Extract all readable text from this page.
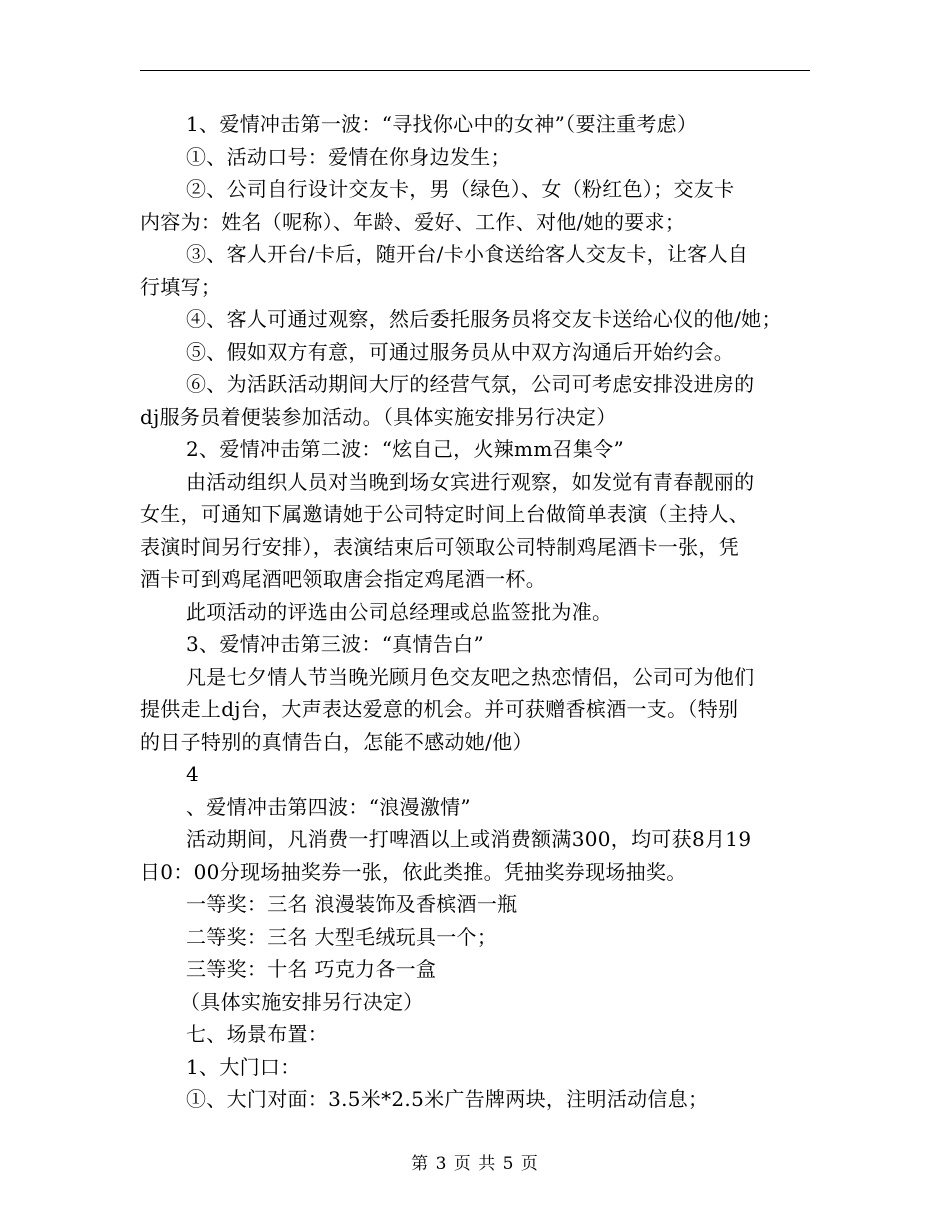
1、爱情冲击第一波：“寻找你心中的女神”（要注重考虑）
①、活动口号：爱情在你身边发生；
②、公司自行设计交友卡，男（绿色）、女（粉红色）；交友卡
内容为：姓名（呢称）、年龄、爱好、工作、对他/她的要求；
③、客人开台/卡后，随开台/卡小食送给客人交友卡，让客人自
行填写；
④、客人可通过观察，然后委托服务员将交友卡送给心仪的他/她；
⑤、假如双方有意，可通过服务员从中双方沟通后开始约会。
⑥、为活跃活动期间大厅的经营气氛，公司可考虑安排没进房的
dj服务员着便装参加活动。（具体实施安排另行决定）
2、爱情冲击第二波：“炫自己，火辣mm召集令”
由活动组织人员对当晚到场女宾进行观察，如发觉有青春靓丽的
女生，可通知下属邀请她于公司特定时间上台做简单表演（主持人、
表演时间另行安排），表演结束后可领取公司特制鸡尾酒卡一张，凭
酒卡可到鸡尾酒吧领取唐会指定鸡尾酒一杯。
此项活动的评选由公司总经理或总监签批为准。
3、爱情冲击第三波：“真情告白”
凡是七夕情人节当晚光顾月色交友吧之热恋情侣，公司可为他们
提供走上dj台，大声表达爱意的机会。并可获赠香槟酒一支。（特别
的日子特别的真情告白，怎能不感动她/他）
4
、爱情冲击第四波：“浪漫激情”
活动期间，凡消费一打啤酒以上或消费额满300，均可获8月19
日0：00分现场抽奖券一张，依此类推。凭抽奖券现场抽奖。
一等奖：三名 浪漫装饰及香槟酒一瓶
二等奖：三名 大型毛绒玩具一个；
三等奖：十名 巧克力各一盒
（具体实施安排另行决定）
七、场景布置：
1、大门口：
①、大门对面：3.5米*2.5米广告牌两块，注明活动信息；
第 3 页 共 5 页
